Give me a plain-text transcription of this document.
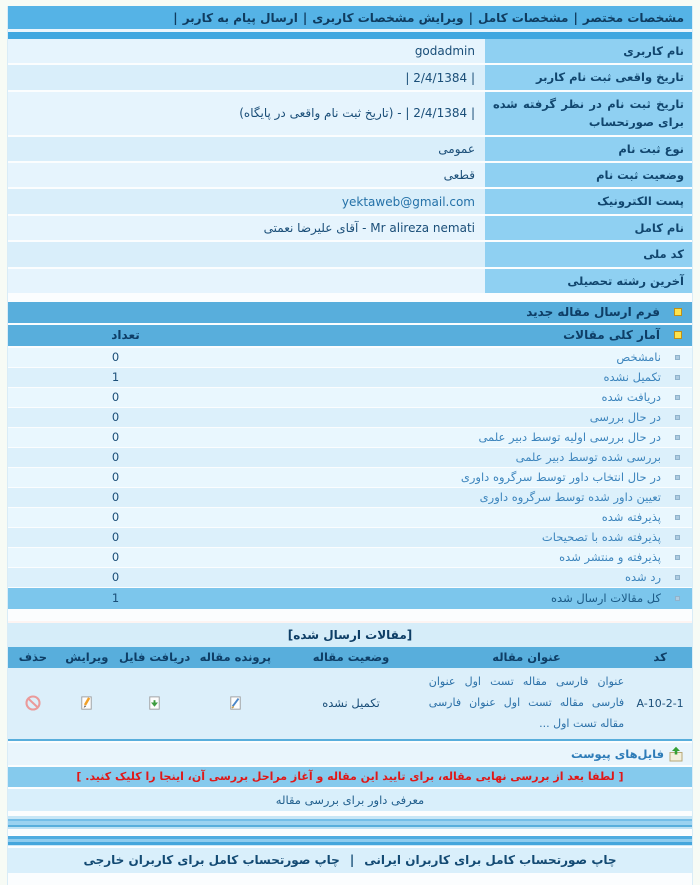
مشخصات مختصر
|
مشخصات کامل
|
ویرایش مشخصات کاربری
|
ارسال پیام به کاربر
|
نام کاربری
godadmin
تاریخ واقعی ثبت نام کاربر
| 2/4/1384 |
تاریخ ثبت نام در نظر گرفته شده برای صورتحساب
| 2/4/1384 | - (تاریخ ثبت نام واقعی در پایگاه)
نوع ثبت نام
عمومی
وضعیت ثبت نام
قطعی
پست الکترونیک
yektaweb@gmail.com
نام کامل
Mr alireza nemati - آقای علیرضا نعمتی
کد ملی
آخرین رشته تحصیلی
فرم ارسال مقاله جدید
آمار کلی مقالات
تعداد
نامشخص
0
تکمیل نشده
1
دریافت شده
0
در حال بررسی
0
در حال بررسی اولیه توسط دبیر علمی
0
بررسی شده توسط دبیر علمی
0
در حال انتخاب داور توسط سرگروه داوری
0
تعیین داور شده توسط سرگروه داوری
0
پذیرفته شده
0
پذیرفته شده با تصحیحات
0
پذیرفته و منتشر شده
0
رد شده
0
کل مقالات ارسال شده
1
[مقالات ارسال شده]
کد
عنوان مقاله
وضعیت مقاله
پرونده مقاله
دریافت فایل
ویرایش
حذف
A-10-2-1
عنوان فارسی مقاله تست اول عنوان فارسی مقاله تست اول عنوان فارسی مقاله تست اول ...
تکمیل نشده
فایل‌های پیوست
[ لطفا بعد از بررسی نهایی مقاله، برای تایید این مقاله و آغاز مراحل بررسی آن، اینجا را کلیک کنید. ]
معرفی داور برای بررسی مقاله
چاپ صورتحساب کامل برای کاربران ایرانی
|
چاپ صورتحساب کامل برای کاربران خارجی
